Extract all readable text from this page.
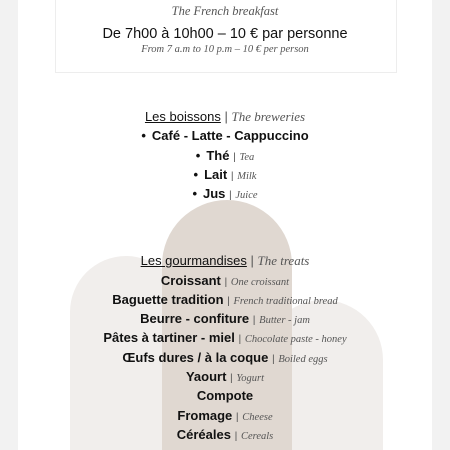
The French breakfast
De 7h00 à 10h00 – 10 € par personne
From 7 a.m to 10 p.m – 10 € per person
Les boissons | The breweries
• Café - Latte - Cappuccino
• Thé | Tea
• Lait | Milk
• Jus | Juice
Les gourmandises | The treats
Croissant | One croissant
Baguette tradition | French traditional bread
Beurre - confiture | Butter - jam
Pâtes à tartiner - miel | Chocolate paste - honey
Œufs dures / à la coque | Boiled eggs
Yaourt | Yogurt
Compote
Fromage | Cheese
Céréales | Cereals
